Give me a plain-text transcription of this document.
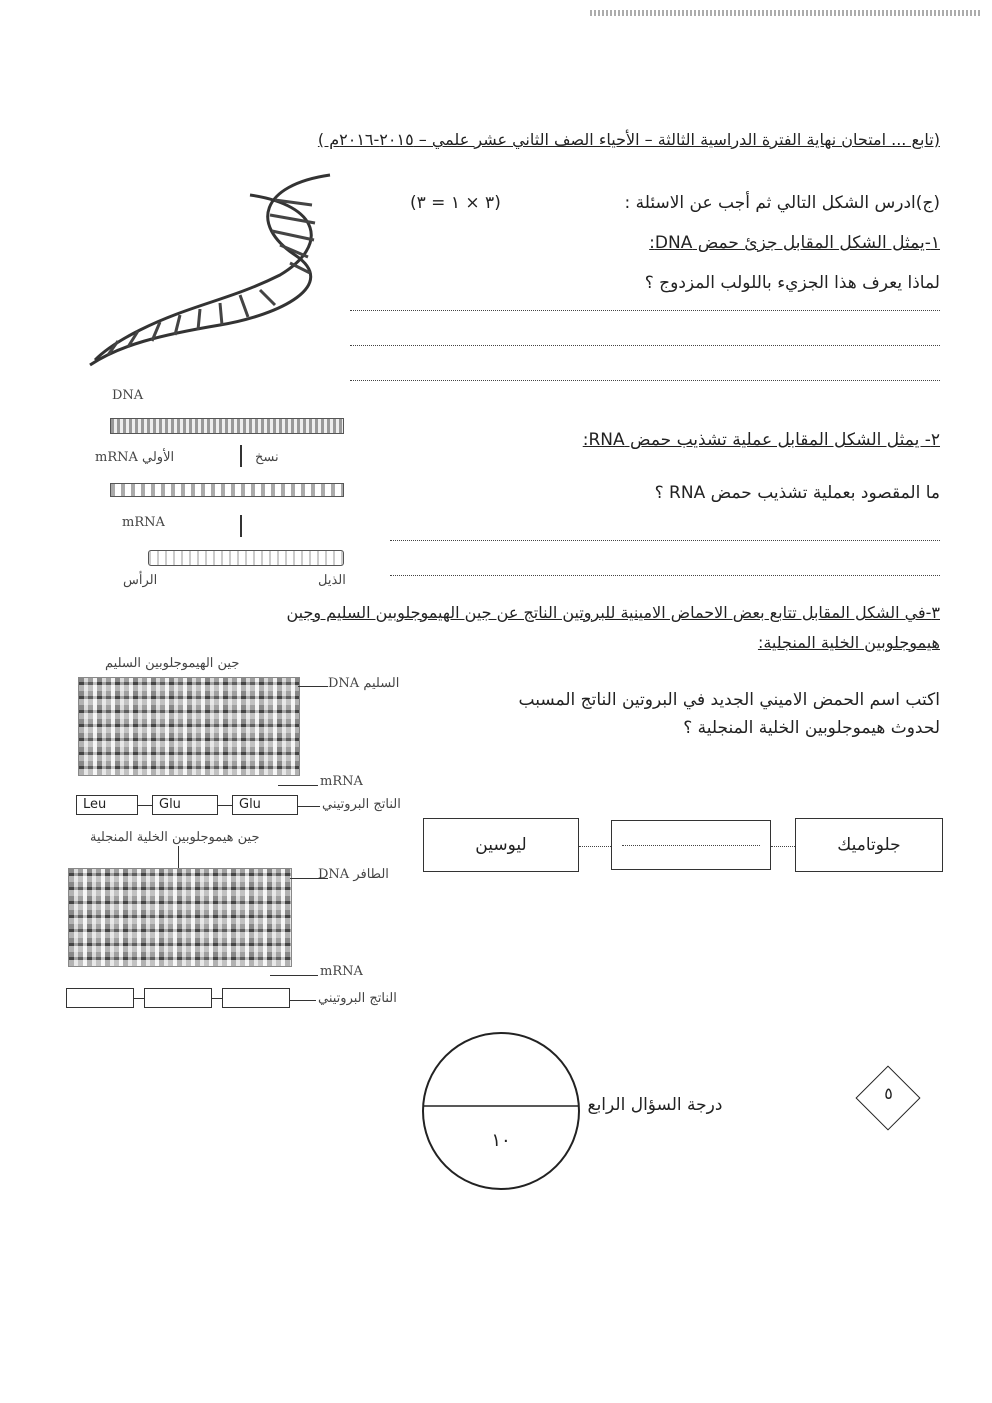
(تابع ... امتحان نهاية الفترة الدراسية الثالثة – الأحياء الصف الثاني عشر علمي – ٢٠١٥-٢٠١٦م )
(ج)ادرس الشكل التالي ثم أجب عن الاسئلة :
(٣ × ١ = ٣)
١-يمثل الشكل المقابل جزئ حمض DNA:
لماذا يعرف هذا الجزيء باللولب المزدوج ؟
DNA
mRNA الأولي	نسخ
mRNA
الرأس	الذيل
٢- يمثل الشكل المقابل عملية تشذيب حمض RNA:
ما المقصود بعملية تشذيب حمض RNA ؟
٣-في الشكل المقابل تتابع بعض الاحماض الامينية للبروتين الناتج عن جين الهيموجلوبين السليم وجين
هيموجلوبين الخلية المنجلية:
جين الهيموجلوبين السليم
DNA السليم
mRNA
Leu	Glu	Glu	الناتج البروتيني
جين هيموجلوبين الخلية المنجلية
DNA الطافر
mRNA
الناتج البروتيني
اكتب اسم الحمض الاميني الجديد في البروتين الناتج المسبب
لحدوث هيموجلوبين الخلية المنجلية ؟
ليوسين	جلوتاميك
١٠
درجة السؤال الرابع
٥
